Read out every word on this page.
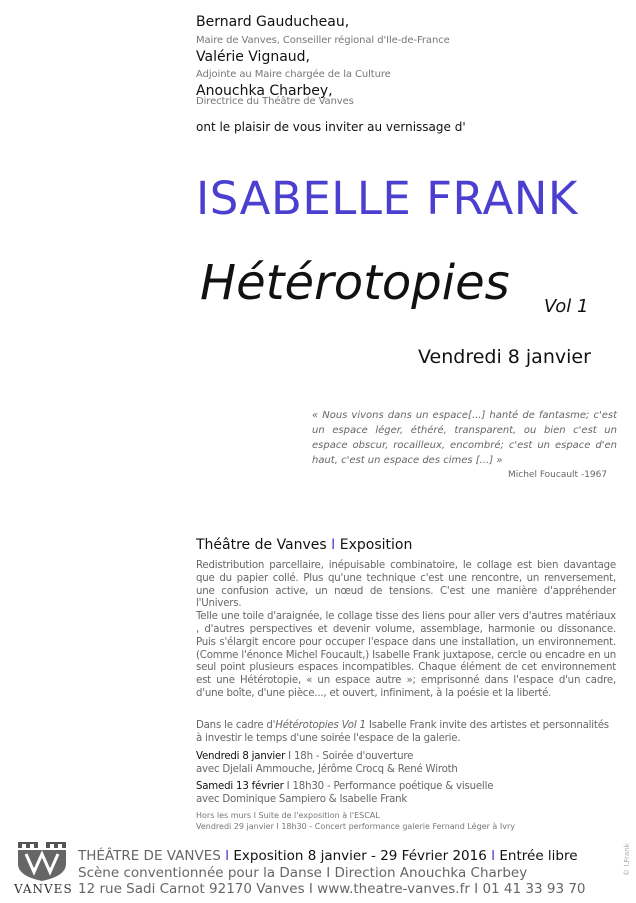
Bernard Gauducheau,
Maire de Vanves, Conseiller régional d'Ile-de-France
Valérie Vignaud,
Adjointe au Maire chargée de la Culture
Anouchka Charbey,
Directrice du Théâtre de Vanves
ont le plaisir de vous inviter au vernissage d'
ISABELLE FRANK
Hétérotopies Vol 1
Vendredi 8 janvier
« Nous vivons dans un espace[...] hanté de fantasme; c'est un espace léger, éthéré, transparent, ou bien c'est un espace obscur, rocailleux, encombré; c'est un espace d'en haut, c'est un espace des cimes [...] »
Michel Foucault -1967
Théâtre de Vanves I Exposition

Redistribution parcellaire, inépuisable combinatoire, le collage est bien davantage que du papier collé. Plus qu'une technique c'est une rencontre, un renversement, une confusion active, un nœud de tensions. C'est une manière d'appréhender l'Univers.

Telle une toile d'araignée, le collage tisse des liens pour aller vers d'autres matériaux , d'autres perspectives et devenir volume, assemblage, harmonie ou dissonance. Puis s'élargit encore pour occuper l'espace dans une installation, un environnement. (Comme l'énonce Michel Foucault,) Isabelle Frank juxtapose, cercle ou encadre en un seul point plusieurs espaces incompatibles. Chaque élément de cet environnement est une Hétérotopie, « un espace autre »; emprisonné dans l'espace d'un cadre, d'une boîte, d'une pièce..., et ouvert, infiniment, à la poésie et la liberté.

Dans le cadre d'Hétérotopies Vol 1 Isabelle Frank invite des artistes et personnalités à investir le temps d'une soirée l'espace de la galerie.
Vendredi 8 janvier I 18h - Soirée d'ouverture
avec Djelali Ammouche, Jérôme Crocq & René Wiroth
Samedi 13 février I 18h30 - Performance poétique & visuelle
avec Dominique Sampiero & Isabelle Frank
Hors les murs I Suite de l'exposition à l'ESCAL
Vendredi 29 janvier I 18h30 - Concert performance galerie Fernand Léger à Ivry
VANVES
THÉÂTRE DE VANVES I Exposition 8 janvier - 29 Février 2016 I Entrée libre
Scène conventionnée pour la Danse I Direction Anouchka Charbey
12 rue Sadi Carnot 92170 Vanves I www.theatre-vanves.fr I 01 41 33 93 70
© I.Frank
